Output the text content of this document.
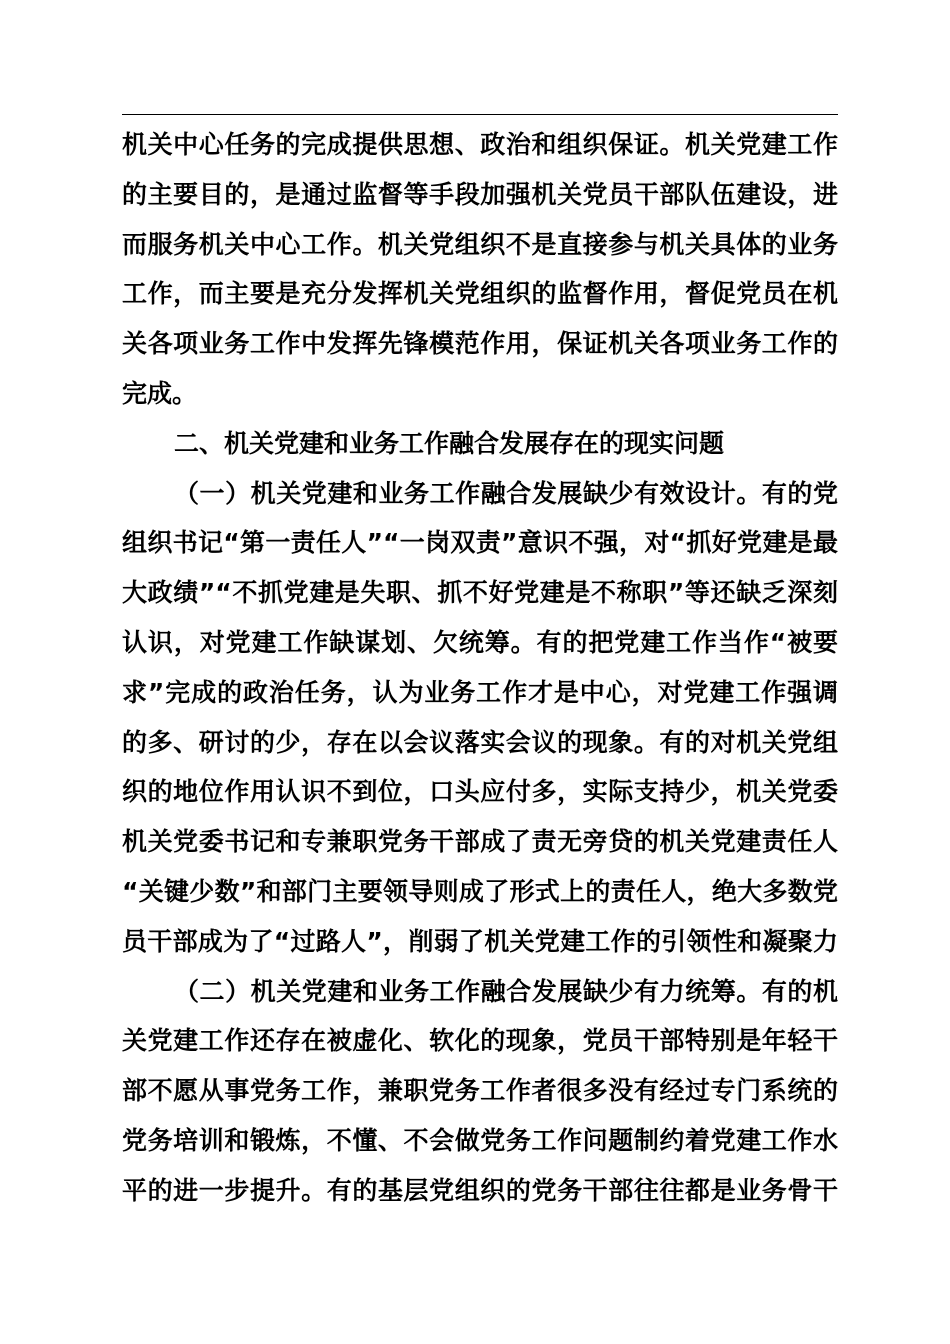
机关中心任务的完成提供思想、政治和组织保证。机关党建工作
的主要目的，是通过监督等手段加强机关党员干部队伍建设，进
而服务机关中心工作。机关党组织不是直接参与机关具体的业务
工作，而主要是充分发挥机关党组织的监督作用，督促党员在机
关各项业务工作中发挥先锋模范作用，保证机关各项业务工作的
完成。
二、机关党建和业务工作融合发展存在的现实问题
（一）机关党建和业务工作融合发展缺少有效设计。有的党
组织书记“第一责任人”“一岗双责”意识不强，对“抓好党建是最
大政绩”“不抓党建是失职、抓不好党建是不称职”等还缺乏深刻
认识，对党建工作缺谋划、欠统筹。有的把党建工作当作“被要
求”完成的政治任务，认为业务工作才是中心，对党建工作强调
的多、研讨的少，存在以会议落实会议的现象。有的对机关党组
织的地位作用认识不到位，口头应付多，实际支持少，机关党委
机关党委书记和专兼职党务干部成了责无旁贷的机关党建责任人
“关键少数”和部门主要领导则成了形式上的责任人，绝大多数党
员干部成为了“过路人”，削弱了机关党建工作的引领性和凝聚力
（二）机关党建和业务工作融合发展缺少有力统筹。有的机
关党建工作还存在被虚化、软化的现象，党员干部特别是年轻干
部不愿从事党务工作，兼职党务工作者很多没有经过专门系统的
党务培训和锻炼，不懂、不会做党务工作问题制约着党建工作水
平的进一步提升。有的基层党组织的党务干部往往都是业务骨干
